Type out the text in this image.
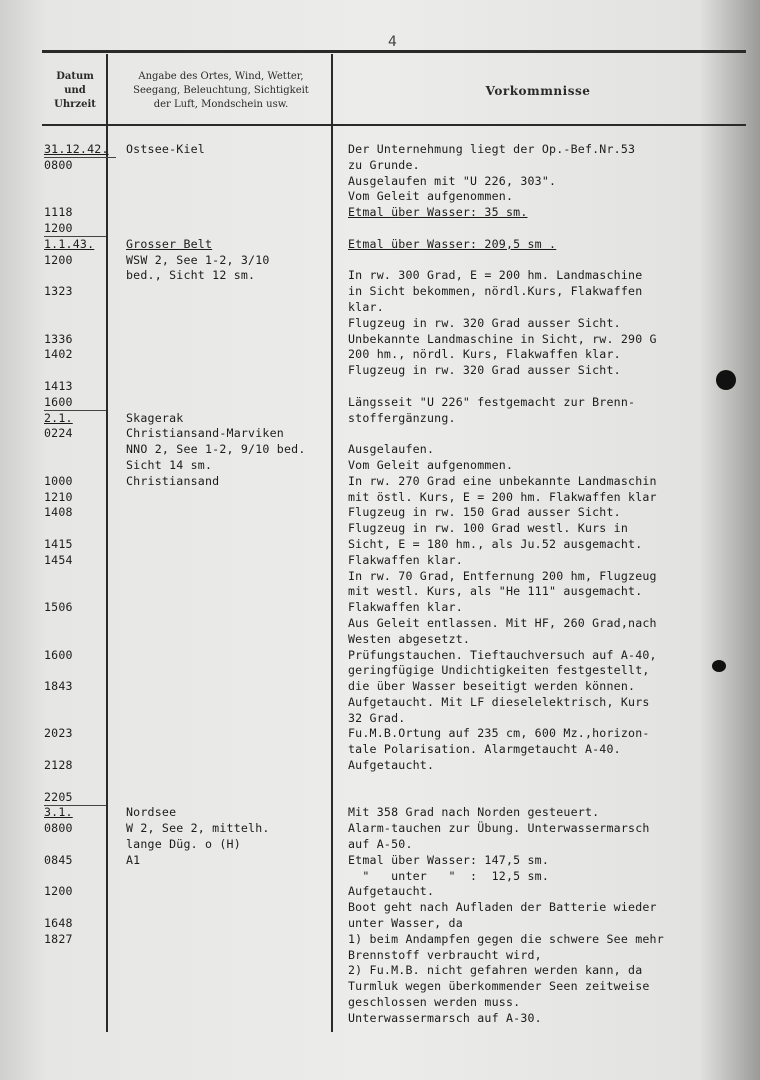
4
Datum
und
Uhrzeit
Angabe des Ortes, Wind, Wetter,
Seegang, Beleuchtung, Sichtigkeit
der Luft, Mondschein usw.
Vorkommnisse
31.12.42.
0800
1118
1200
1.1.43.
1200
1323
1336
1402
1413
1600
2.1.
0224
1000
1210
1408
1415
1454
1506
1600
1843
2023
2128
2205
3.1.
0800
0845
1200
1648
1827
Ostsee-Kiel
Grosser Belt
WSW 2, See 1-2, 3/10
bed., Sicht 12 sm.
Skagerak
Christiansand-Marviken
NNO 2, See 1-2, 9/10 bed.
Sicht 14 sm.
Christiansand
Nordsee
W 2, See 2, mittelh.
lange Düg. o (H)
A1
Der Unternehmung liegt der Op.-Bef.Nr.53
zu Grunde.
Ausgelaufen mit "U 226, 303".
Vom Geleit aufgenommen.
Etmal über Wasser: 35 sm.
Etmal über Wasser: 209,5 sm .
In rw. 300 Grad, E = 200 hm. Landmaschine
in Sicht bekommen, nördl.Kurs, Flakwaffen
klar.
Flugzeug in rw. 320 Grad ausser Sicht.
Unbekannte Landmaschine in Sicht, rw. 290 G
200 hm., nördl. Kurs, Flakwaffen klar.
Flugzeug in rw. 320 Grad ausser Sicht.
Längsseit "U 226" festgemacht zur Brenn-
stoffergänzung.
Ausgelaufen.
Vom Geleit aufgenommen.
In rw. 270 Grad eine unbekannte Landmaschin
mit östl. Kurs, E = 200 hm. Flakwaffen klar
Flugzeug in rw. 150 Grad ausser Sicht.
Flugzeug in rw. 100 Grad westl. Kurs in
Sicht, E = 180 hm., als Ju.52 ausgemacht.
Flakwaffen klar.
In rw. 70 Grad, Entfernung 200 hm, Flugzeug
mit westl. Kurs, als "He 111" ausgemacht.
Flakwaffen klar.
Aus Geleit entlassen. Mit HF, 260 Grad,nach
Westen abgesetzt.
Prüfungstauchen. Tieftauchversuch auf A-40,
geringfügige Undichtigkeiten festgestellt,
die über Wasser beseitigt werden können.
Aufgetaucht. Mit LF dieselelektrisch, Kurs
32 Grad.
Fu.M.B.Ortung auf 235 cm, 600 Mz.,horizon-
tale Polarisation. Alarmgetaucht A-40.
Aufgetaucht.
Mit 358 Grad nach Norden gesteuert.
Alarm-tauchen zur Übung. Unterwassermarsch
auf A-50.
Etmal über Wasser: 147,5 sm.
"   unter   "  :  12,5 sm.
Aufgetaucht.
Boot geht nach Aufladen der Batterie wieder
unter Wasser, da
1) beim Andampfen gegen die schwere See mehr
Brennstoff verbraucht wird,
2) Fu.M.B. nicht gefahren werden kann, da
Turmluk wegen überkommender Seen zeitweise
geschlossen werden muss.
Unterwassermarsch auf A-30.
